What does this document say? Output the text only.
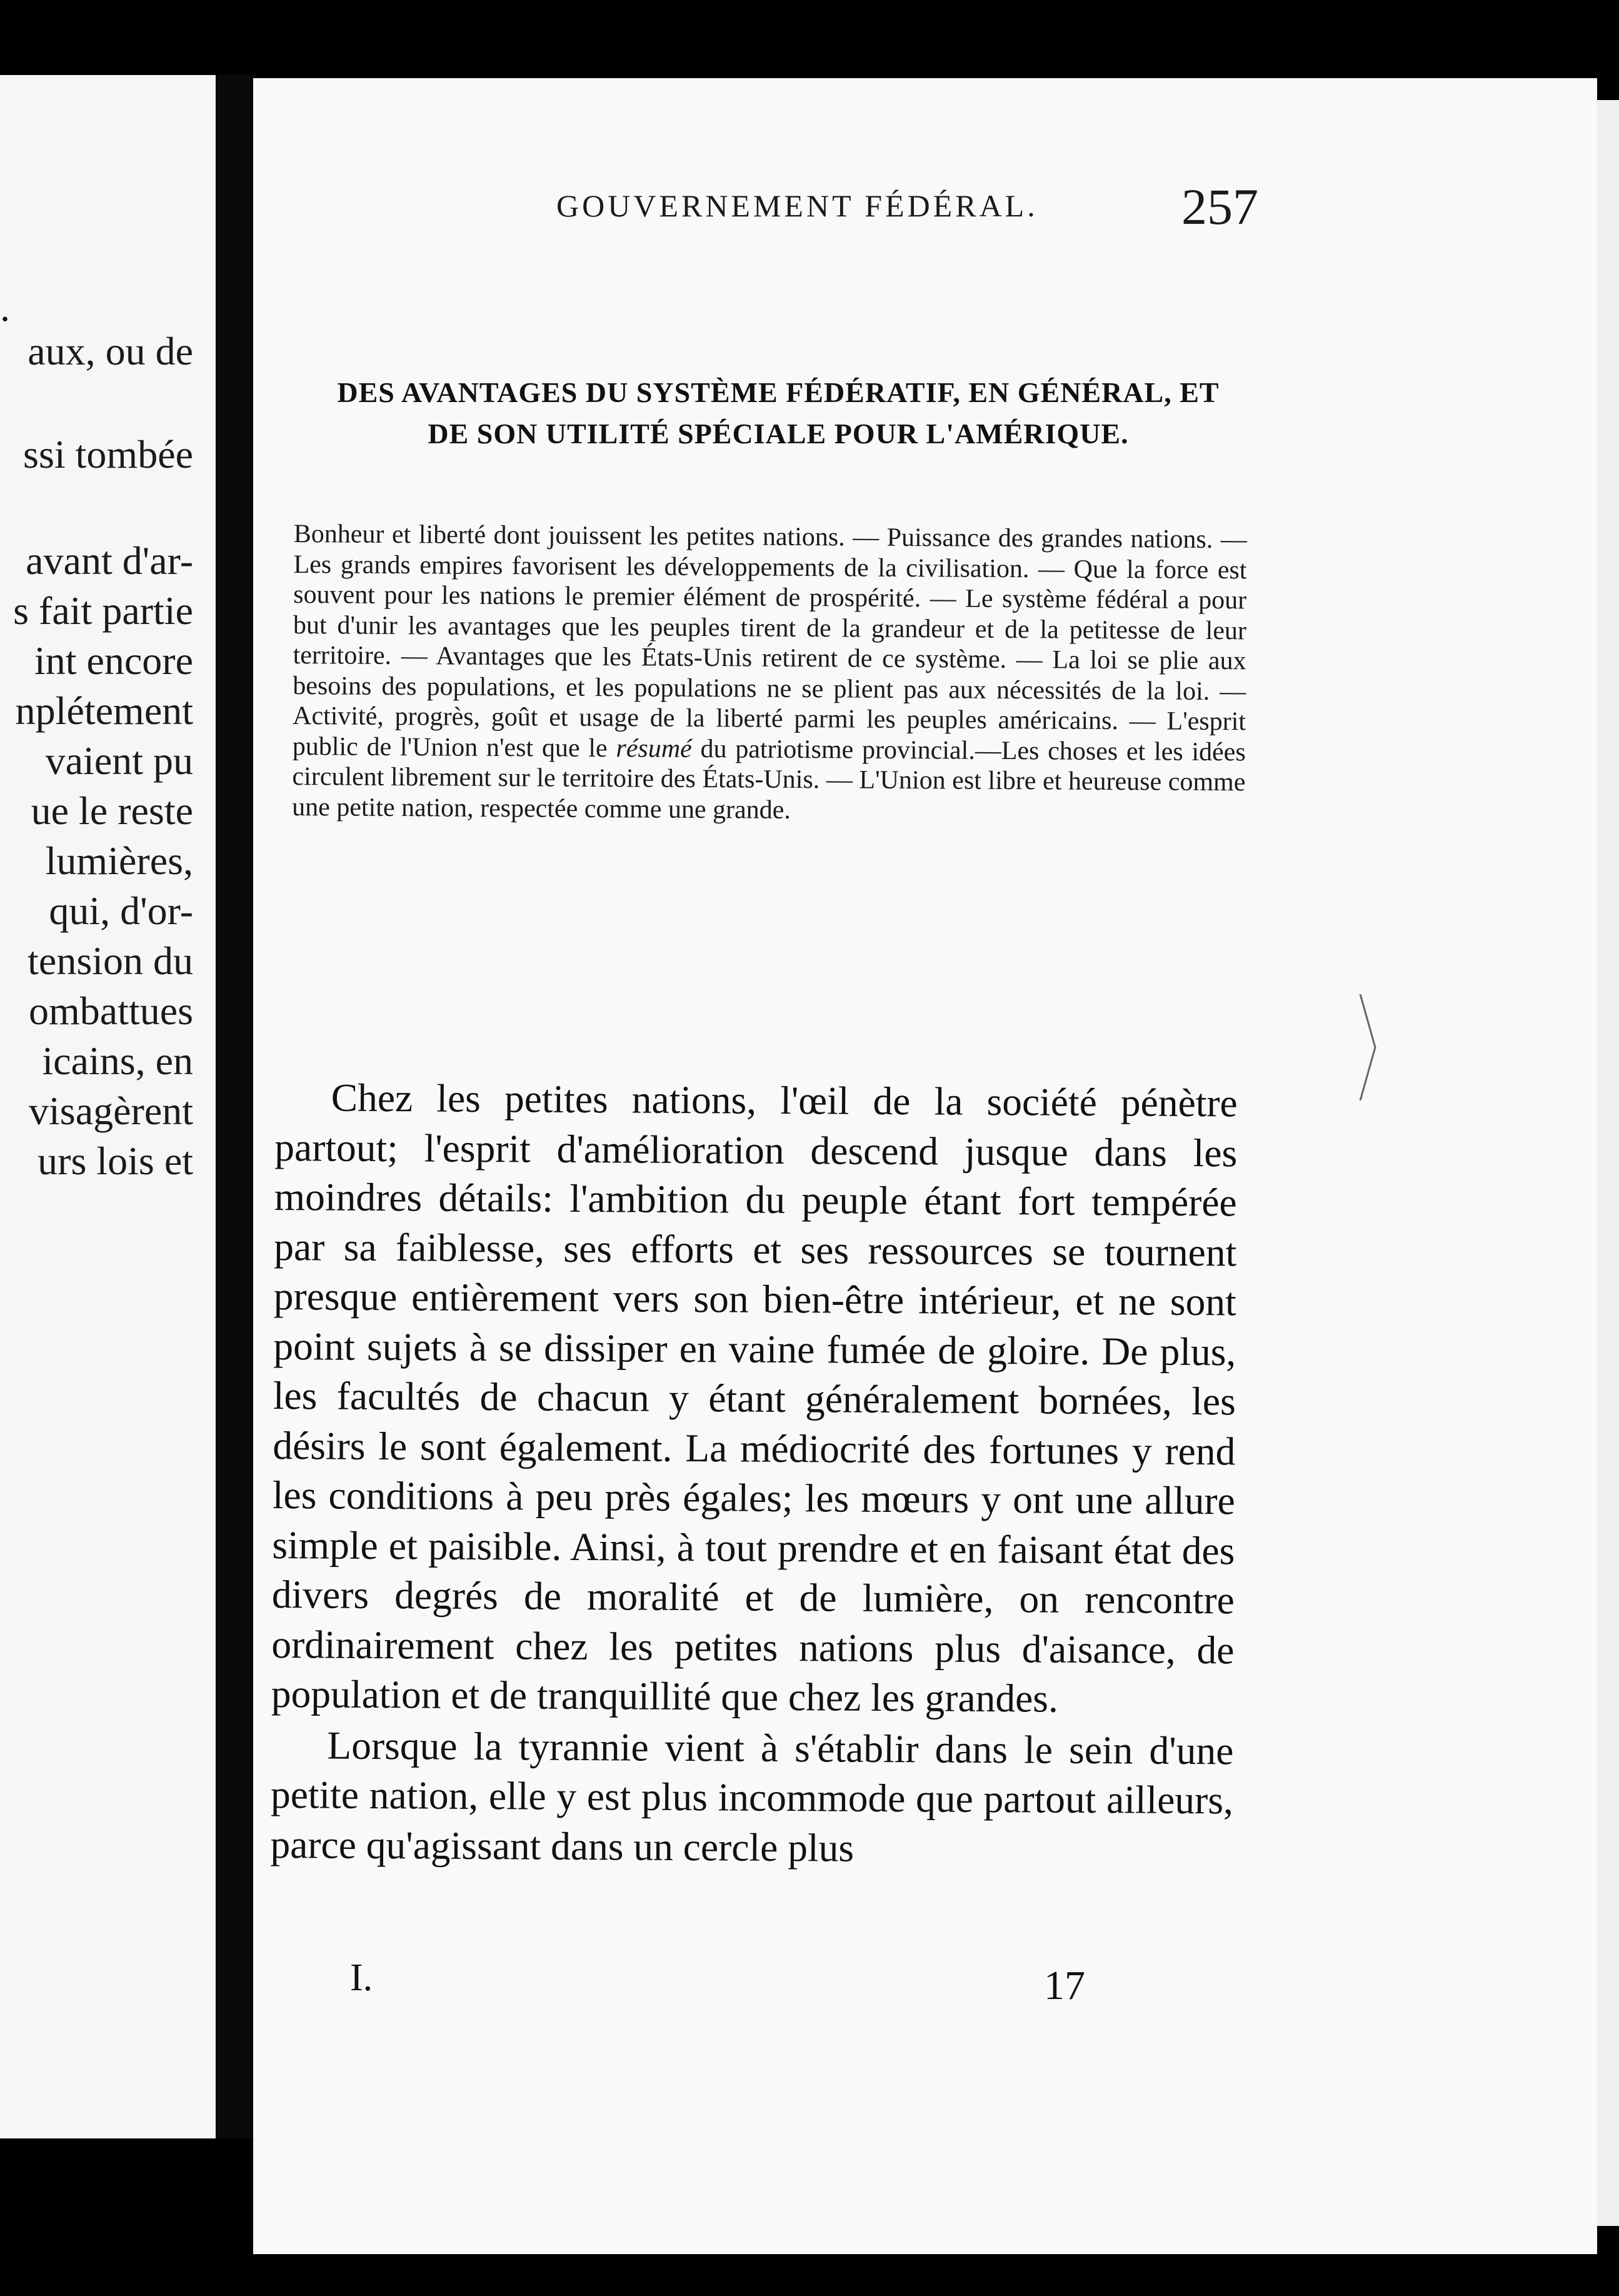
.
aux, ou de
ssi tombée
avant d'ar-
s fait partie
int encore
nplétement
vaient pu
ue le reste
lumières,
qui, d'or-
tension du
ombattues
icains, en
visagèrent
urs lois et
GOUVERNEMENT FÉDÉRAL.	257
DES AVANTAGES DU SYSTÈME FÉDÉRATIF, EN GÉNÉRAL, ET
DE SON UTILITÉ SPÉCIALE POUR L'AMÉRIQUE.
Bonheur et liberté dont jouissent les petites nations. — Puissance des grandes nations. — Les grands empires favorisent les développements de la civilisation. — Que la force est souvent pour les nations le premier élément de prospérité. — Le système fédéral a pour but d'unir les avantages que les peuples tirent de la grandeur et de la petitesse de leur territoire. — Avantages que les États-Unis retirent de ce système. — La loi se plie aux besoins des populations, et les populations ne se plient pas aux nécessités de la loi. — Activité, progrès, goût et usage de la liberté parmi les peuples américains. — L'esprit public de l'Union n'est que le résumé du patriotisme provincial.—Les choses et les idées circulent librement sur le territoire des États-Unis. — L'Union est libre et heureuse comme une petite nation, respectée comme une grande.

Chez les petites nations, l'œil de la société pénètre partout; l'esprit d'amélioration descend jusque dans les moindres détails: l'ambition du peuple étant fort tempérée par sa faiblesse, ses efforts et ses ressources se tournent presque entièrement vers son bien-être intérieur, et ne sont point sujets à se dissiper en vaine fumée de gloire. De plus, les facultés de chacun y étant généralement bornées, les désirs le sont également. La médiocrité des fortunes y rend les conditions à peu près égales; les mœurs y ont une allure simple et paisible. Ainsi, à tout prendre et en faisant état des divers degrés de moralité et de lumière, on rencontre ordinairement chez les petites nations plus d'aisance, de population et de tranquillité que chez les grandes.

Lorsque la tyrannie vient à s'établir dans le sein d'une petite nation, elle y est plus incommode que partout ailleurs, parce qu'agissant dans un cercle plus

I.	17
